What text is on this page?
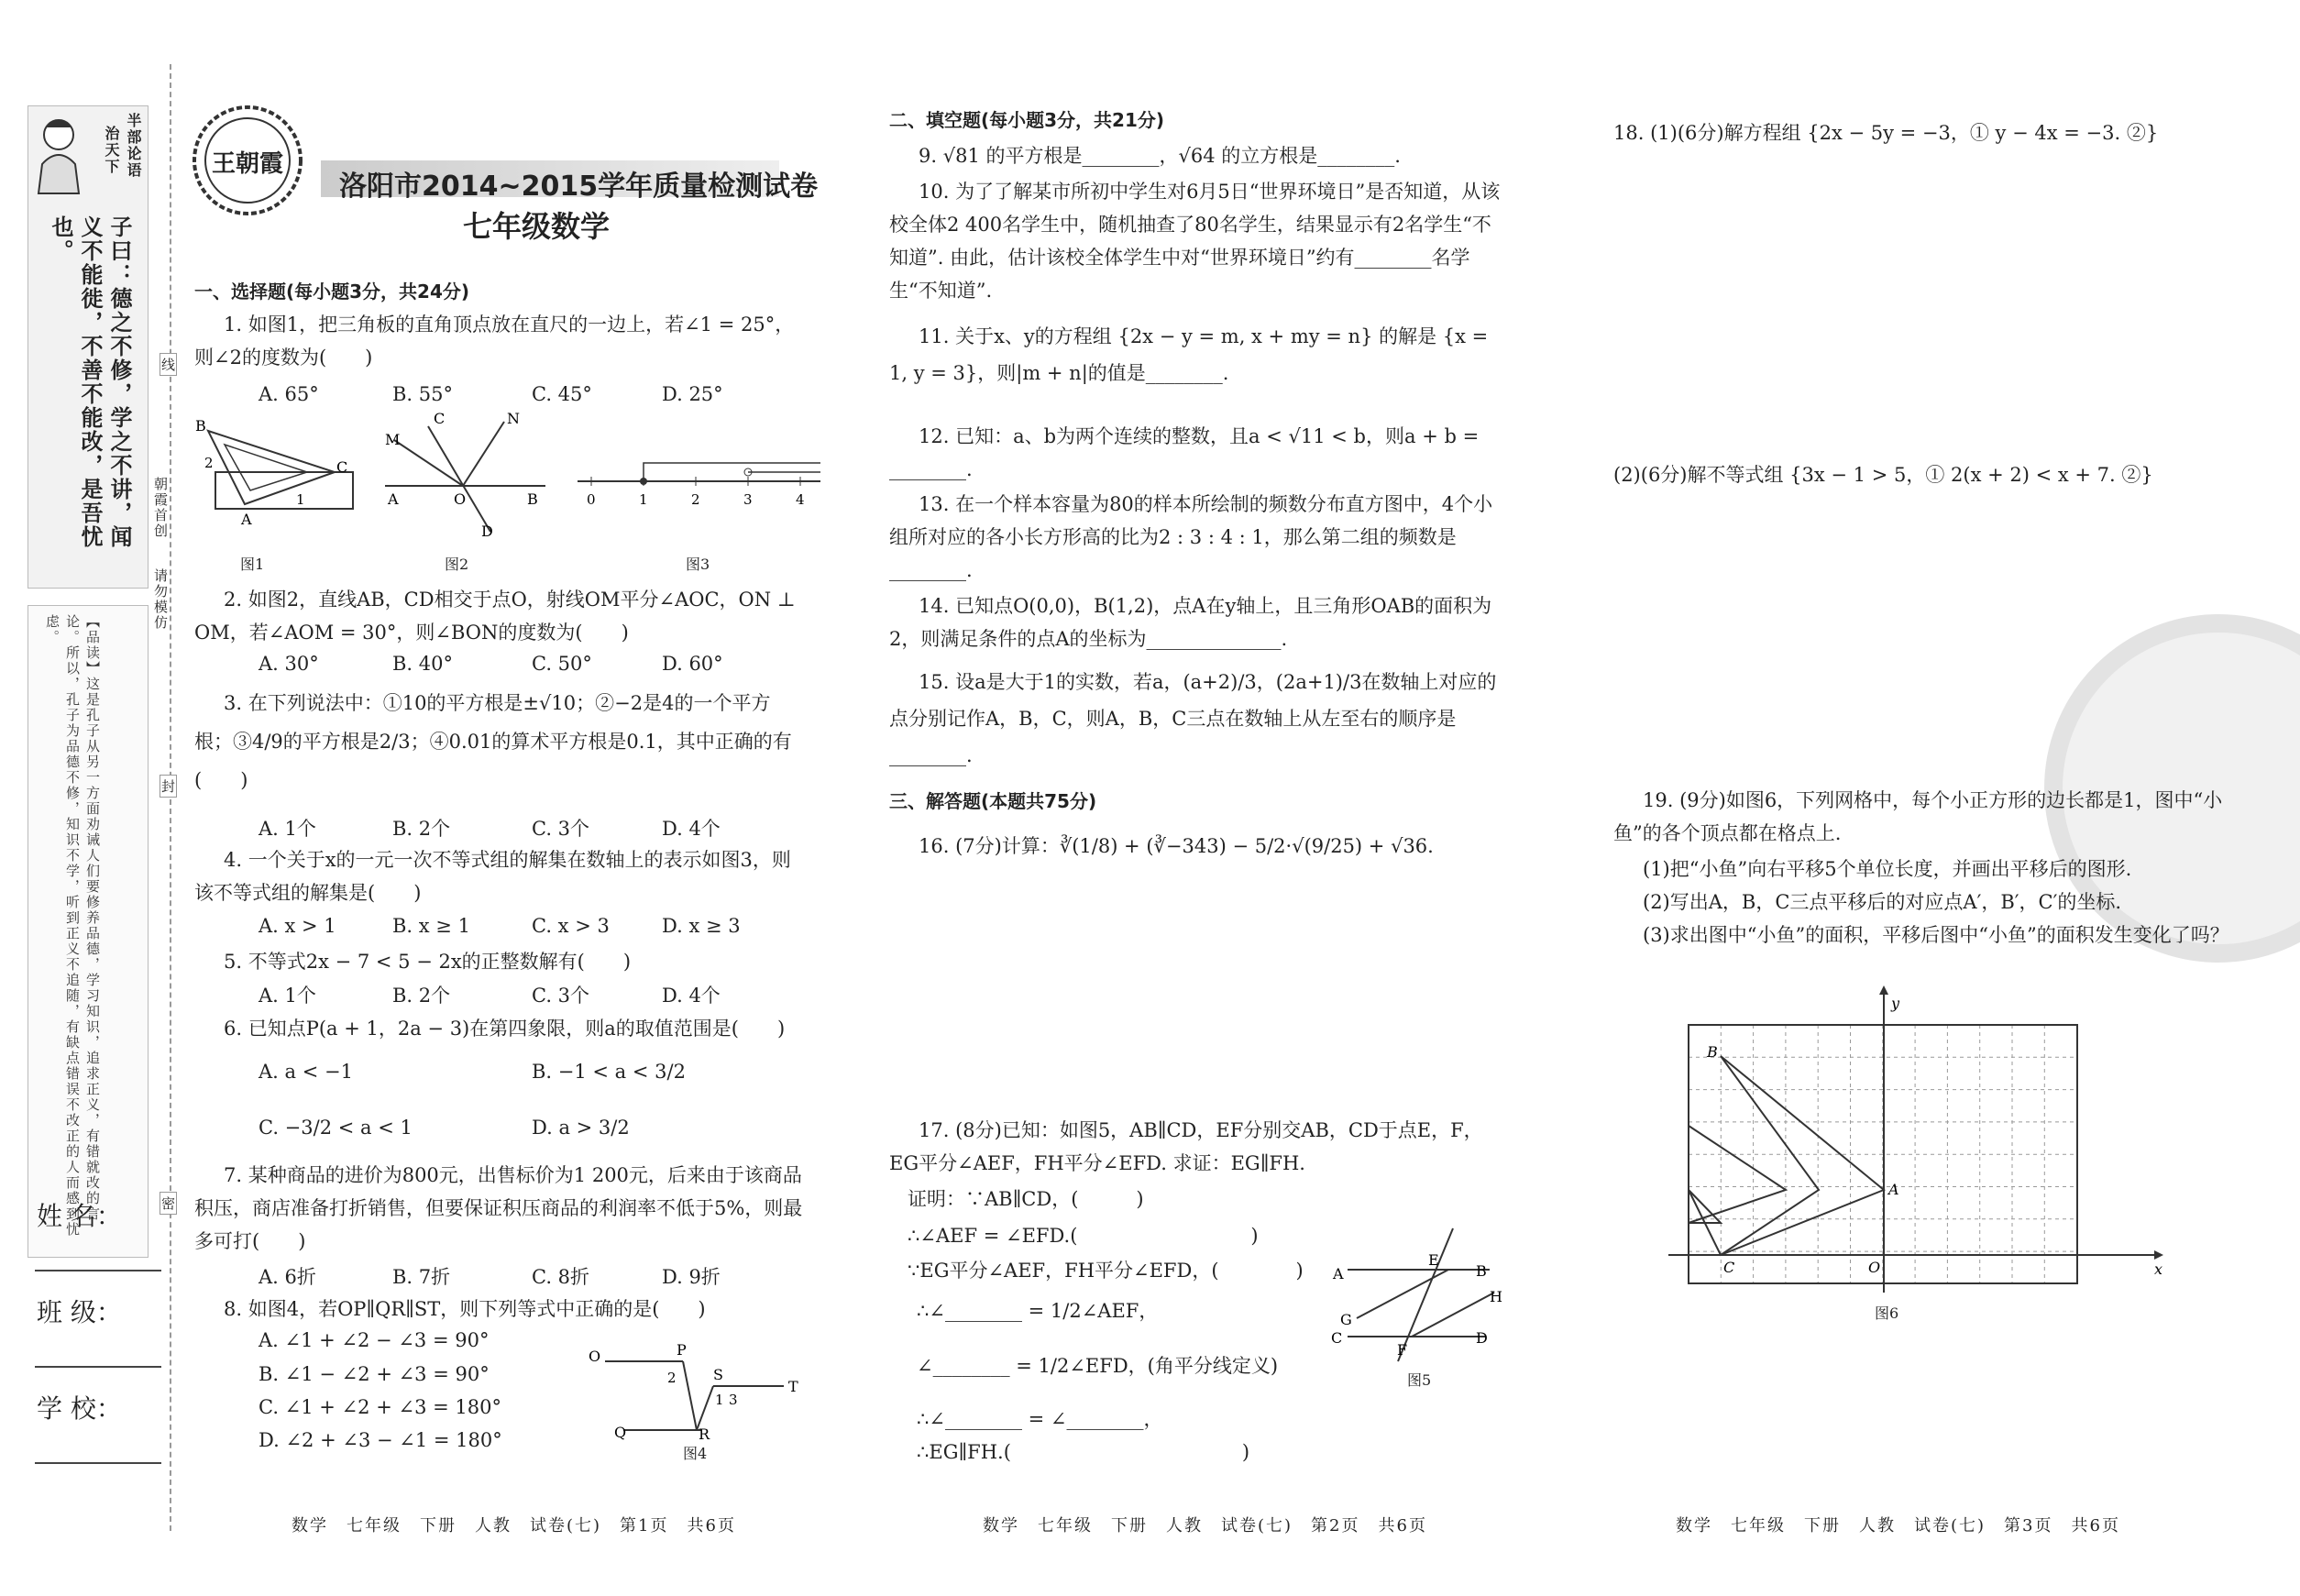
半部论语
治天下
子曰：德之不修，学之不讲，闻义不能徙，不善不能改，是吾忧也。
【品读】这是孔子从另一方面劝诫人们要修养品德，学习知识，追求正义，有错就改的言论。所以，孔子为品德不修，知识不学，听到正义不追随，有缺点错误不改正的人而感到忧虑。
姓 名：
班 级：
学 校：
线
封
密
朝霞首创
请勿模仿
王朝霞
洛阳市2014~2015学年质量检测试卷
七年级数学
一、选择题(每小题3分，共24分)
1. 如图1，把三角板的直角顶点放在直尺的一边上，若∠1 = 25°，则∠2的度数为(　　)
A. 65°	B. 55°	C. 45°	D. 25°
B
C
A
2
1
C
M
N
A	O	B
D
0	1	2	3	4
图1	图2	图3
2. 如图2，直线AB，CD相交于点O，射线OM平分∠AOC，ON ⊥ OM，若∠AOM = 30°，则∠BON的度数为(　　)
A. 30°	B. 40°	C. 50°	D. 60°
3. 在下列说法中：①10的平方根是±√10；②−2是4的一个平方根；③4/9的平方根是2/3；④0.01的算术平方根是0.1，其中正确的有(　　)
A. 1个	B. 2个	C. 3个	D. 4个
4. 一个关于x的一元一次不等式组的解集在数轴上的表示如图3，则该不等式组的解集是(　　)
A. x > 1	B. x ≥ 1	C. x > 3	D. x ≥ 3
5. 不等式2x − 7 < 5 − 2x的正整数解有(　　)
A. 1个	B. 2个	C. 3个	D. 4个
6. 已知点P(a + 1，2a − 3)在第四象限，则a的取值范围是(　　)
A. a < −1	B. −1 < a < 3/2
C. −3/2 < a < 1	D. a > 3/2
7. 某种商品的进价为800元，出售标价为1 200元，后来由于该商品积压，商店准备打折销售，但要保证积压商品的利润率不低于5%，则最多可打(　　)
A. 6折	B. 7折	C. 8折	D. 9折
8. 如图4，若OP∥QR∥ST，则下列等式中正确的是(　　)
A. ∠1 + ∠2 − ∠3 = 90°
B. ∠1 − ∠2 + ∠3 = 90°
C. ∠1 + ∠2 + ∠3 = 180°
D. ∠2 + ∠3 − ∠1 = 180°
O	P
2	S
1 3
T
Q	R
图4
数学　七年级　下册　人教　试卷(七)　第1页　共6页
二、填空题(每小题3分，共21分)
9. √81 的平方根是________，√64 的立方根是________.
10. 为了了解某市所初中学生对6月5日“世界环境日”是否知道，从该校全体2 400名学生中，随机抽查了80名学生，结果显示有2名学生“不知道”. 由此，估计该校全体学生中对“世界环境日”约有________名学生“不知道”.
11. 关于x、y的方程组 {2x − y = m, x + my = n} 的解是 {x = 1, y = 3}，则|m + n|的值是________.
12. 已知：a、b为两个连续的整数，且a < √11 < b，则a + b = ________.
13. 在一个样本容量为80的样本所绘制的频数分布直方图中，4个小组所对应的各小长方形高的比为2 : 3 : 4 : 1，那么第二组的频数是________.
14. 已知点O(0,0)，B(1,2)，点A在y轴上，且三角形OAB的面积为2，则满足条件的点A的坐标为______________.
15. 设a是大于1的实数，若a，(a+2)/3，(2a+1)/3在数轴上对应的点分别记作A，B，C，则A，B，C三点在数轴上从左至右的顺序是________.
三、解答题(本题共75分)
16. (7分)计算：∛(1/8) + (∛−343) − 5/2·√(9/25) + √36.
17. (8分)已知：如图5，AB∥CD，EF分别交AB，CD于点E，F，EG平分∠AEF，FH平分∠EFD. 求证：EG∥FH.
证明：∵AB∥CD，(　　　)
∴∠AEF = ∠EFD.(　　　　　　　　　)
∵EG平分∠AEF，FH平分∠EFD，(　　　　)
∴∠________ = 1/2∠AEF，
∠________ = 1/2∠EFD，(角平分线定义)
∴∠________ = ∠________，
∴EG∥FH.(　　　　　　　　　　　　)
A
E
B
G
H
C
F
D
图5
数学　七年级　下册　人教　试卷(七)　第2页　共6页
18. (1)(6分)解方程组 {2x − 5y = −3，① y − 4x = −3. ②}
(2)(6分)解不等式组 {3x − 1 > 5，① 2(x + 2) < x + 7. ②}
19. (9分)如图6，下列网格中，每个小正方形的边长都是1，图中“小鱼”的各个顶点都在格点上.
(1)把“小鱼”向右平移5个单位长度，并画出平移后的图形.
(2)写出A，B，C三点平移后的对应点A′，B′，C′的坐标.
(3)求出图中“小鱼”的面积，平移后图中“小鱼”的面积发生变化了吗？
B
A
C	O
y
x
图6
数学　七年级　下册　人教　试卷(七)　第3页　共6页
